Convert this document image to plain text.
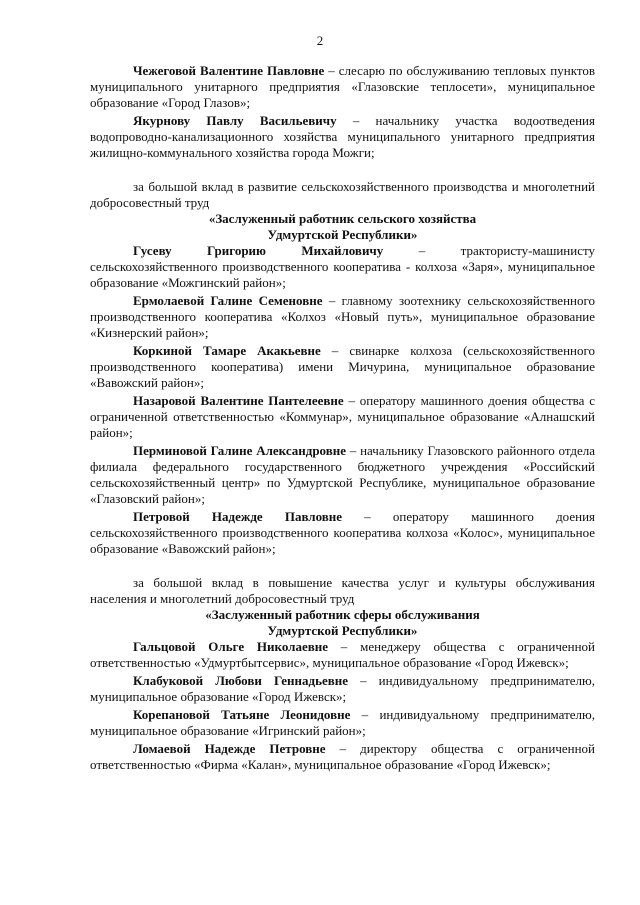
2

Чежеговой Валентине Павловне – слесарю по обслуживанию тепловых пунктов муниципального унитарного предприятия «Глазовские теплосети», муниципальное образование «Город Глазов»;

Якурнову Павлу Васильевичу – начальнику участка водоотведения водопроводно-канализационного хозяйства муниципального унитарного предприятия жилищно-коммунального хозяйства города Можги;

за большой вклад в развитие сельскохозяйственного производства и многолетний добросовестный труд

«Заслуженный работник сельского хозяйства
Удмуртской Республики»

Гусеву Григорию Михайловичу – трактористу-машинисту сельскохозяйственного производственного кооператива - колхоза «Заря», муниципальное образование «Можгинский район»;

Ермолаевой Галине Семеновне – главному зоотехнику сельскохозяйственного производственного кооператива «Колхоз «Новый путь», муниципальное образование «Кизнерский район»;

Коркиной Тамаре Акакьевне – свинарке колхоза (сельскохозяйственного производственного кооператива) имени Мичурина, муниципальное образование «Вавожский район»;

Назаровой Валентине Пантелеевне – оператору машинного доения общества с ограниченной ответственностью «Коммунар», муниципальное образование «Алнашский район»;

Перминовой Галине Александровне – начальнику Глазовского районного отдела филиала федерального государственного бюджетного учреждения «Российский сельскохозяйственный центр» по Удмуртской Республике, муниципальное образование «Глазовский район»;

Петровой Надежде Павловне – оператору машинного доения сельскохозяйственного производственного кооператива колхоза «Колос», муниципальное образование «Вавожский район»;

за большой вклад в повышение качества услуг и культуры обслуживания населения и многолетний добросовестный труд

«Заслуженный работник сферы обслуживания
Удмуртской Республики»

Гальцовой Ольге Николаевне – менеджеру общества с ограниченной ответственностью «Удмуртбытсервис», муниципальное образование «Город Ижевск»;

Клабуковой Любови Геннадьевне – индивидуальному предпринимателю, муниципальное образование «Город Ижевск»;

Корепановой Татьяне Леонидовне – индивидуальному предпринимателю, муниципальное образование «Игринский район»;

Ломаевой Надежде Петровне – директору общества с ограниченной ответственностью «Фирма «Калан», муниципальное образование «Город Ижевск»;
